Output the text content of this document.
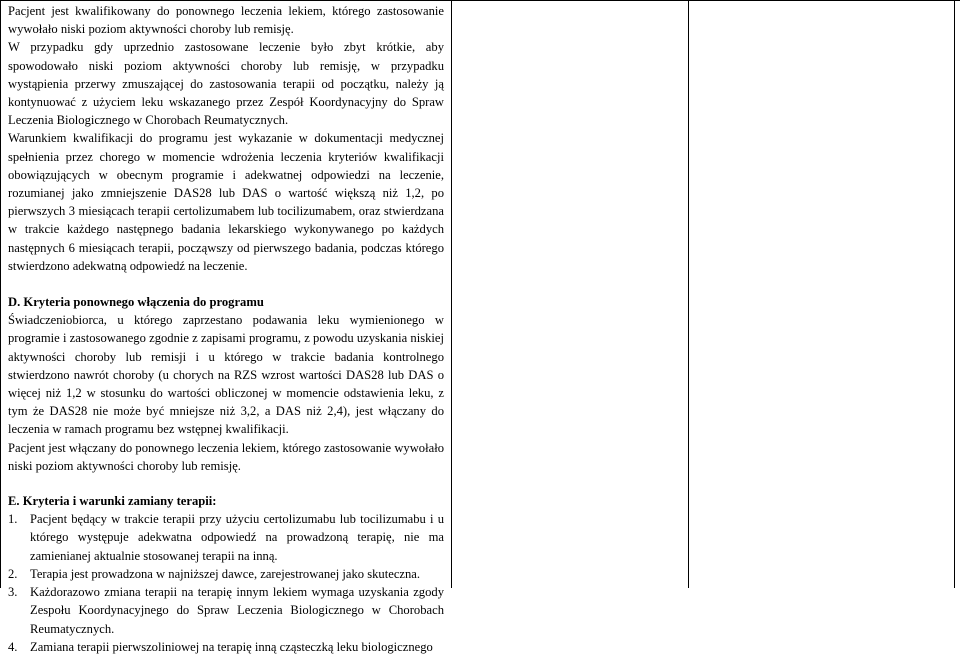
Pacjent jest kwalifikowany do ponownego leczenia lekiem, którego zastosowanie wywołało niski poziom aktywności choroby lub remisję.

W przypadku gdy uprzednio zastosowane leczenie było zbyt krótkie, aby spowodowało niski poziom aktywności choroby lub remisję, w przypadku wystąpienia przerwy zmuszającej do zastosowania terapii od początku, należy ją kontynuować z użyciem leku wskazanego przez Zespół Koordynacyjny do Spraw Leczenia Biologicznego w Chorobach Reumatycznych.

Warunkiem kwalifikacji do programu jest wykazanie w dokumentacji medycznej spełnienia przez chorego w momencie wdrożenia leczenia kryteriów kwalifikacji obowiązujących w obecnym programie i adekwatnej odpowiedzi na leczenie, rozumianej jako zmniejszenie DAS28 lub DAS o wartość większą niż 1,2, po pierwszych 3 miesiącach terapii certolizumabem lub tocilizumabem, oraz stwierdzana w trakcie każdego następnego badania lekarskiego wykonywanego po każdych następnych 6 miesiącach terapii, począwszy od pierwszego badania, podczas którego stwierdzono adekwatną odpowiedź na leczenie.

D. Kryteria ponownego włączenia do programu

Świadczeniobiorca, u którego zaprzestano podawania leku wymienionego w programie i zastosowanego zgodnie z zapisami programu, z powodu uzyskania niskiej aktywności choroby lub remisji i u którego w trakcie badania kontrolnego stwierdzono nawrót choroby (u chorych na RZS wzrost wartości DAS28 lub DAS o więcej niż 1,2 w stosunku do wartości obliczonej w momencie odstawienia leku, z tym że DAS28 nie może być mniejsze niż 3,2, a DAS niż 2,4), jest włączany do leczenia w ramach programu bez wstępnej kwalifikacji.

Pacjent jest włączany do ponownego leczenia lekiem, którego zastosowanie wywołało niski poziom aktywności choroby lub remisję.

E. Kryteria i warunki zamiany terapii:

1. Pacjent będący w trakcie terapii przy użyciu certolizumabu lub tocilizumabu i u którego występuje adekwatna odpowiedź na prowadzoną terapię, nie ma zamienianej aktualnie stosowanej terapii na inną.
2. Terapia jest prowadzona w najniższej dawce, zarejestrowanej jako skuteczna.
3. Każdorazowo zmiana terapii na terapię innym lekiem wymaga uzyskania zgody Zespołu Koordynacyjnego do Spraw Leczenia Biologicznego w Chorobach Reumatycznych.
4. Zamiana terapii pierwszoliniowej na terapię inną cząsteczką leku biologicznego
